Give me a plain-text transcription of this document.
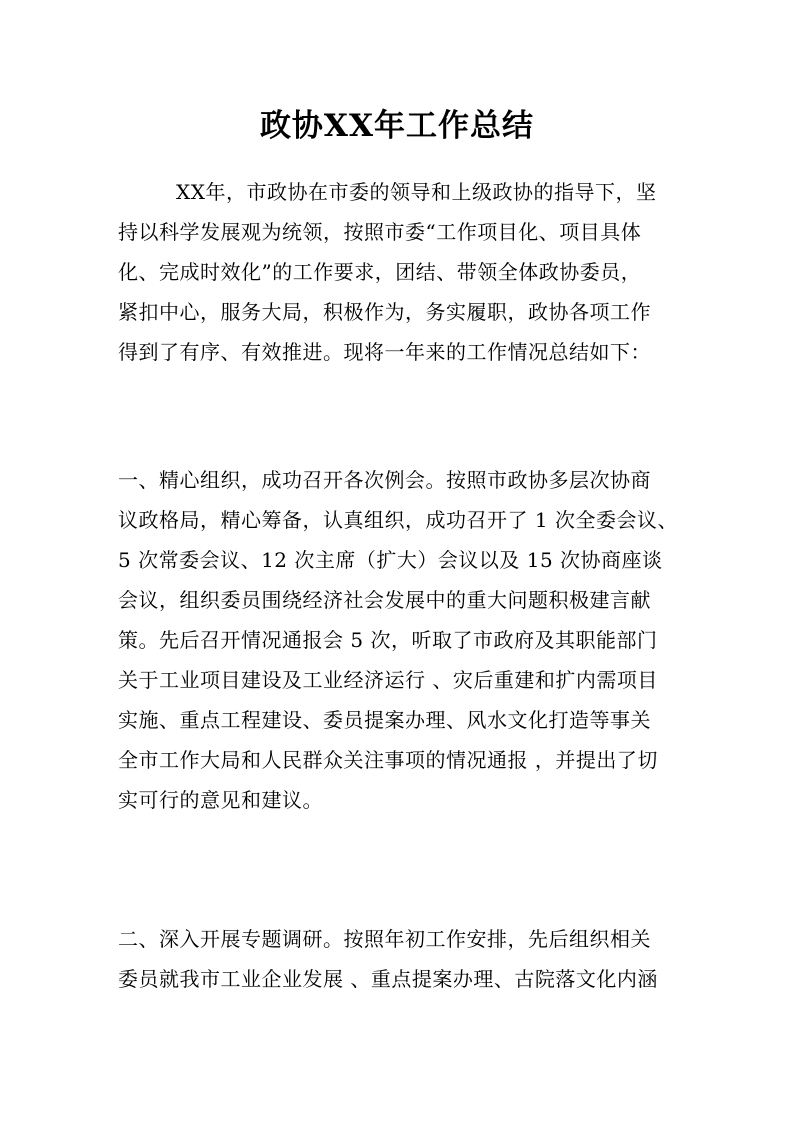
政协XX年工作总结
XX年，市政协在市委的领导和上级政协的指导下，坚
持以科学发展观为统领，按照市委“工作项目化、项目具体
化、完成时效化”的工作要求，团结、带领全体政协委员，
紧扣中心，服务大局，积极作为，务实履职，政协各项工作
得到了有序、有效推进。现将一年来的工作情况总结如下：
一、精心组织，成功召开各次例会。按照市政协多层次协商
议政格局，精心筹备，认真组织，成功召开了 1 次全委会议、
5 次常委会议、12 次主席（扩大）会议以及 15 次协商座谈
会议，组织委员围绕经济社会发展中的重大问题积极建言献
策。先后召开情况通报会 5 次，听取了市政府及其职能部门
关于工业项目建设及工业经济运行 、灾后重建和扩内需项目
实施、重点工程建设、委员提案办理、风水文化打造等事关
全市工作大局和人民群众关注事项的情况通报 ，并提出了切
实可行的意见和建议。
二、深入开展专题调研。按照年初工作安排，先后组织相关
委员就我市工业企业发展 、重点提案办理、古院落文化内涵
